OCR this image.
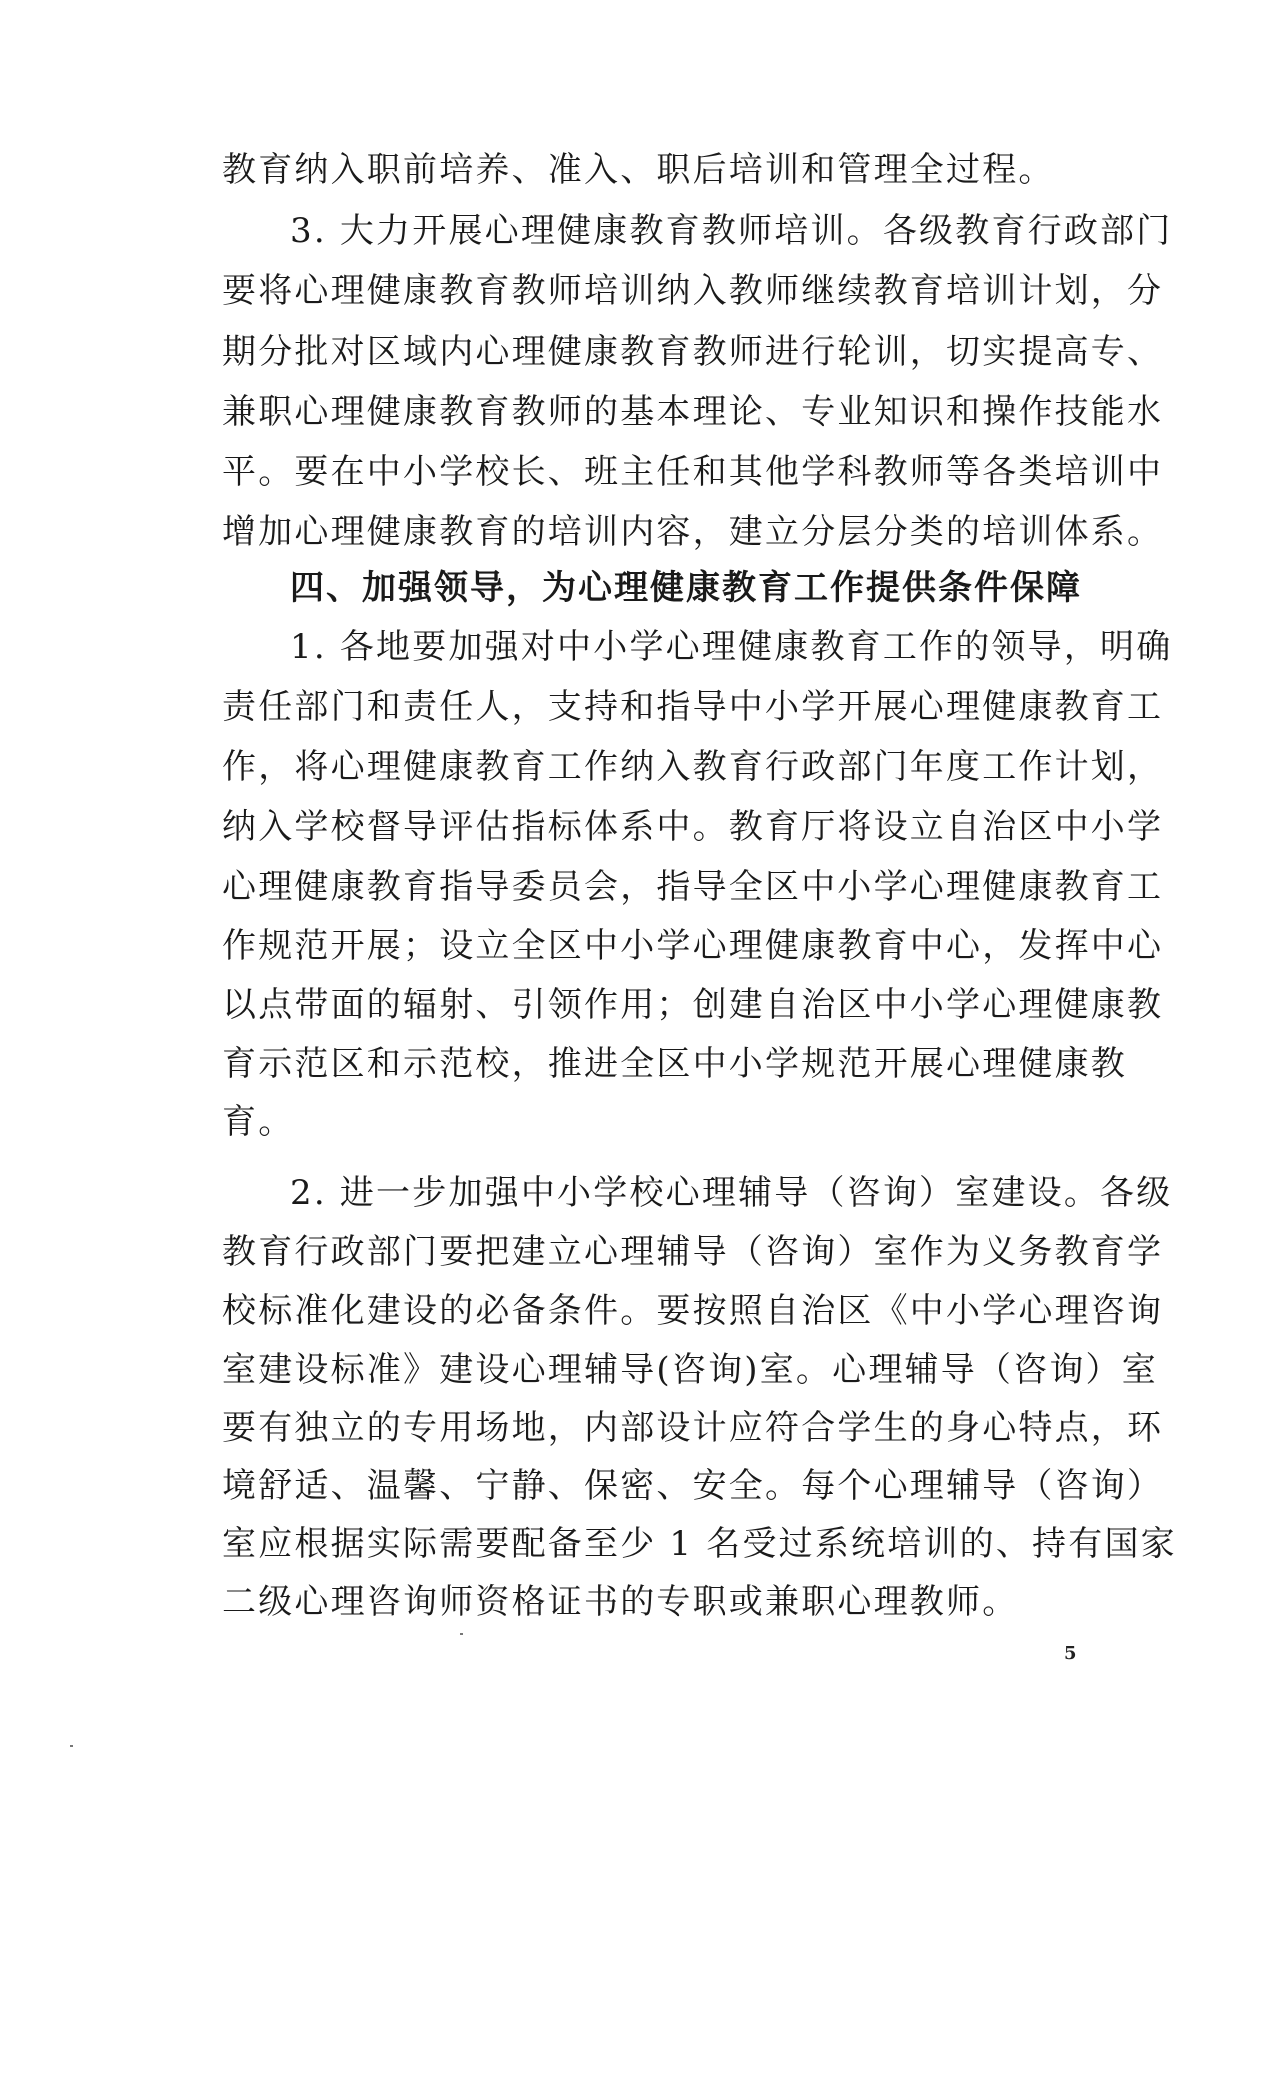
教育纳入职前培养、准入、职后培训和管理全过程。
3. 大力开展心理健康教育教师培训。各级教育行政部门
要将心理健康教育教师培训纳入教师继续教育培训计划，分
期分批对区域内心理健康教育教师进行轮训，切实提高专、
兼职心理健康教育教师的基本理论、专业知识和操作技能水
平。要在中小学校长、班主任和其他学科教师等各类培训中
增加心理健康教育的培训内容，建立分层分类的培训体系。
四、加强领导，为心理健康教育工作提供条件保障
1. 各地要加强对中小学心理健康教育工作的领导，明确
责任部门和责任人，支持和指导中小学开展心理健康教育工
作，将心理健康教育工作纳入教育行政部门年度工作计划，
纳入学校督导评估指标体系中。教育厅将设立自治区中小学
心理健康教育指导委员会，指导全区中小学心理健康教育工
作规范开展；设立全区中小学心理健康教育中心，发挥中心
以点带面的辐射、引领作用；创建自治区中小学心理健康教
育示范区和示范校，推进全区中小学规范开展心理健康教
育。
2. 进一步加强中小学校心理辅导（咨询）室建设。各级
教育行政部门要把建立心理辅导（咨询）室作为义务教育学
校标准化建设的必备条件。要按照自治区《中小学心理咨询
室建设标准》建设心理辅导(咨询)室。心理辅导（咨询）室
要有独立的专用场地，内部设计应符合学生的身心特点，环
境舒适、温馨、宁静、保密、安全。每个心理辅导（咨询）
室应根据实际需要配备至少 1 名受过系统培训的、持有国家
二级心理咨询师资格证书的专职或兼职心理教师。
5
